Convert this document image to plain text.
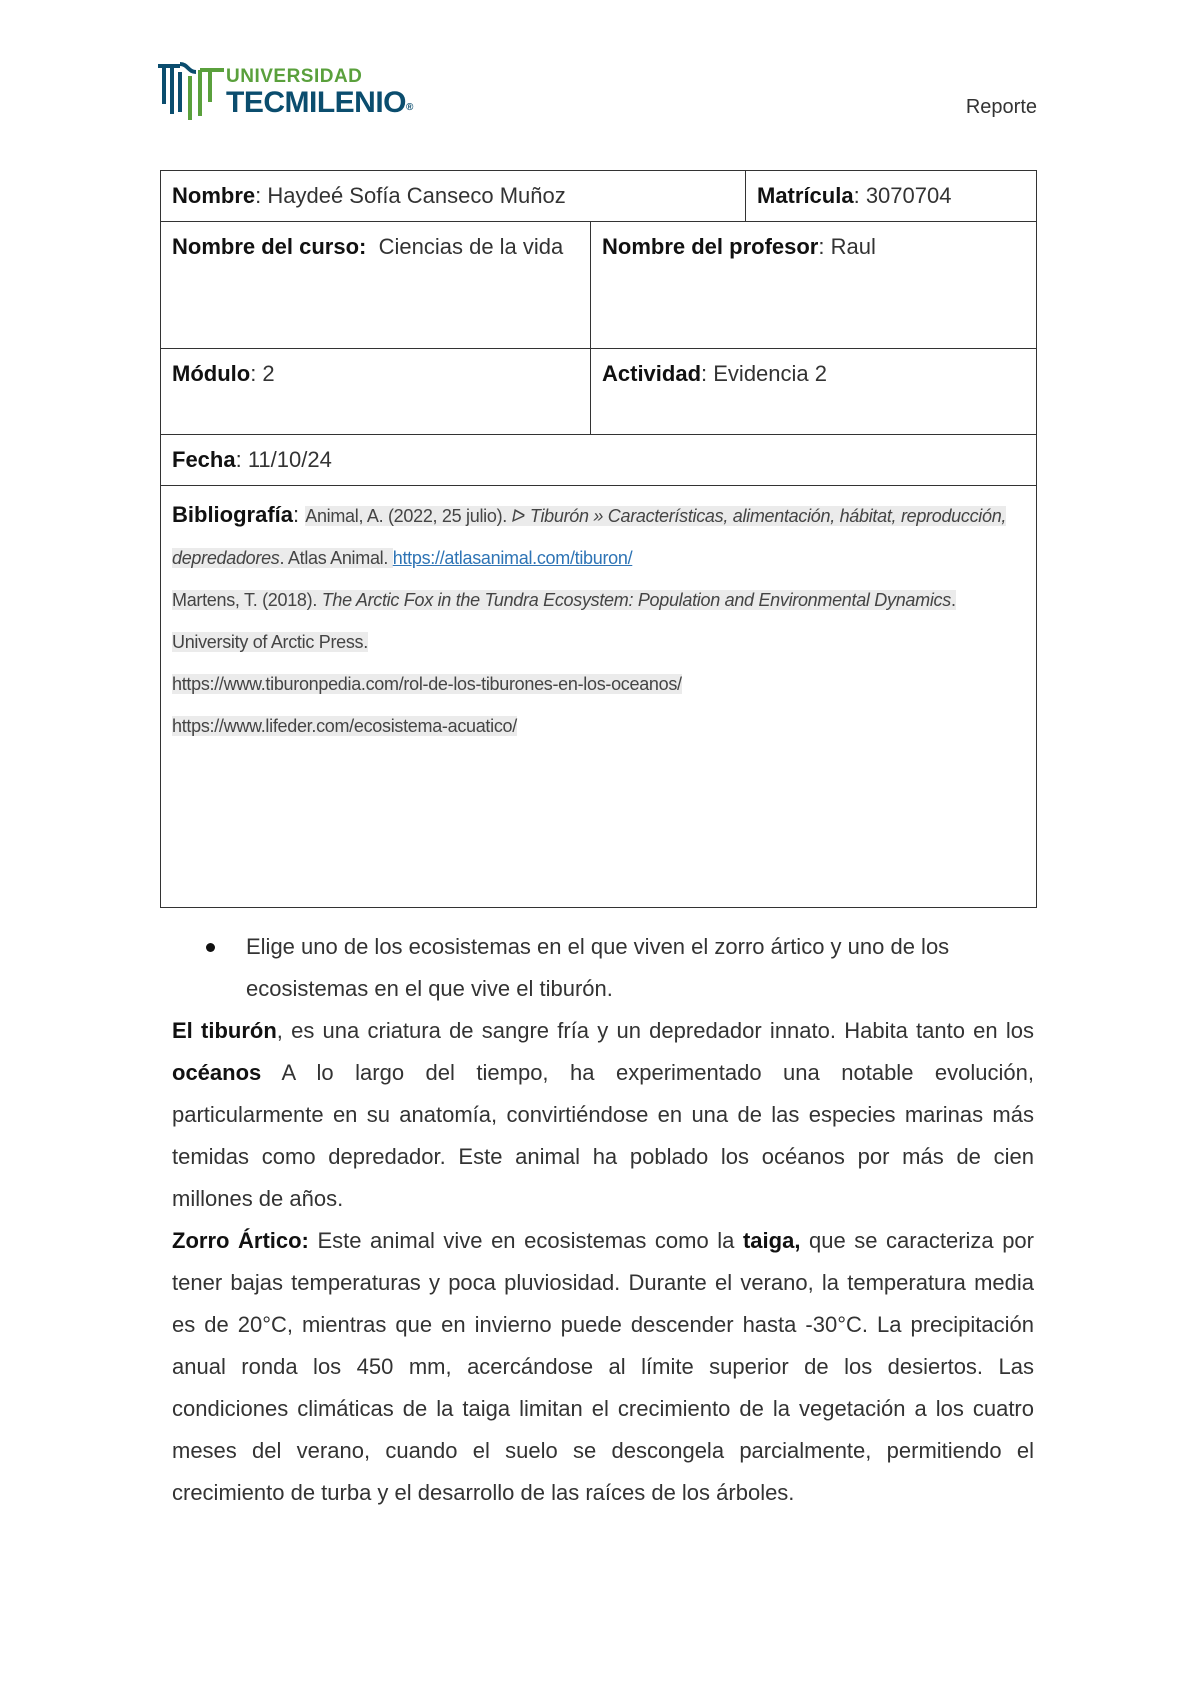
UNIVERSIDAD
TECMILENIO®	Reporte
Nombre: Haydeé Sofía Canseco Muñoz		Matrícula: 3070704
Nombre del curso:  Ciencias de la vida	Nombre del profesor: Raul	
Módulo: 2	Actividad: Evidencia 2	
Fecha: 11/10/24		

Bibliografía: Animal, A. (2022, 25 julio). ᐅ Tiburón » Características, alimentación, hábitat, reproducción, depredadores. Atlas Animal. https://atlasanimal.com/tiburon/
Martens, T. (2018). The Arctic Fox in the Tundra Ecosystem: Population and Environmental Dynamics. University of Arctic Press.
https://www.tiburonpedia.com/rol-de-los-tiburones-en-los-oceanos/
https://www.lifeder.com/ecosistema-acuatico/		
Elige uno de los ecosistemas en el que viven el zorro ártico y uno de los ecosistemas en el que vive el tiburón.

El tiburón, es una criatura de sangre fría y un depredador innato. Habita tanto en los océanos A lo largo del tiempo, ha experimentado una notable evolución, particularmente en su anatomía, convirtiéndose en una de las especies marinas más temidas como depredador. Este animal ha poblado los océanos por más de cien millones de años.

Zorro Ártico: Este animal vive en ecosistemas como la taiga, que se caracteriza por tener bajas temperaturas y poca pluviosidad. Durante el verano, la temperatura media es de 20°C, mientras que en invierno puede descender hasta -30°C. La precipitación anual ronda los 450 mm, acercándose al límite superior de los desiertos. Las condiciones climáticas de la taiga limitan el crecimiento de la vegetación a los cuatro meses del verano, cuando el suelo se descongela parcialmente, permitiendo el crecimiento de turba y el desarrollo de las raíces de los árboles.
